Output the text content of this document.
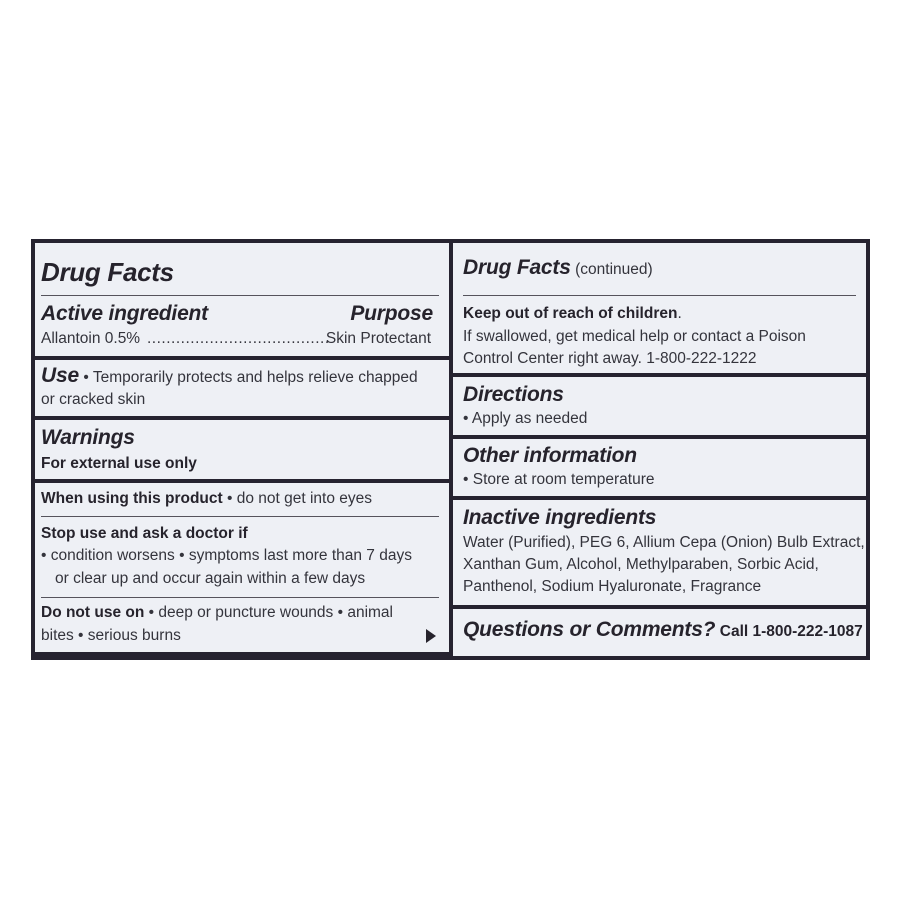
Drug Facts
Active ingredient	Purpose
Allantoin 0.5% ......................................
Skin Protectant
Use • Temporarily protects and helps relieve chapped
or cracked skin
Warnings
For external use only
When using this product • do not get into eyes
Stop use and ask a doctor if
• condition worsens • symptoms last more than 7 days
or clear up and occur again within a few days
Do not use on • deep or puncture wounds • animal
bites • serious burns
Drug Facts (continued)
Keep out of reach of children.
If swallowed, get medical help or contact a Poison
Control Center right away. 1-800-222-1222
Directions
• Apply as needed
Other information
• Store at room temperature
Inactive ingredients
Water (Purified), PEG 6, Allium Cepa (Onion) Bulb Extract,
Xanthan Gum, Alcohol, Methylparaben, Sorbic Acid,
Panthenol, Sodium Hyaluronate, Fragrance
Questions or Comments? Call 1-800-222-1087
